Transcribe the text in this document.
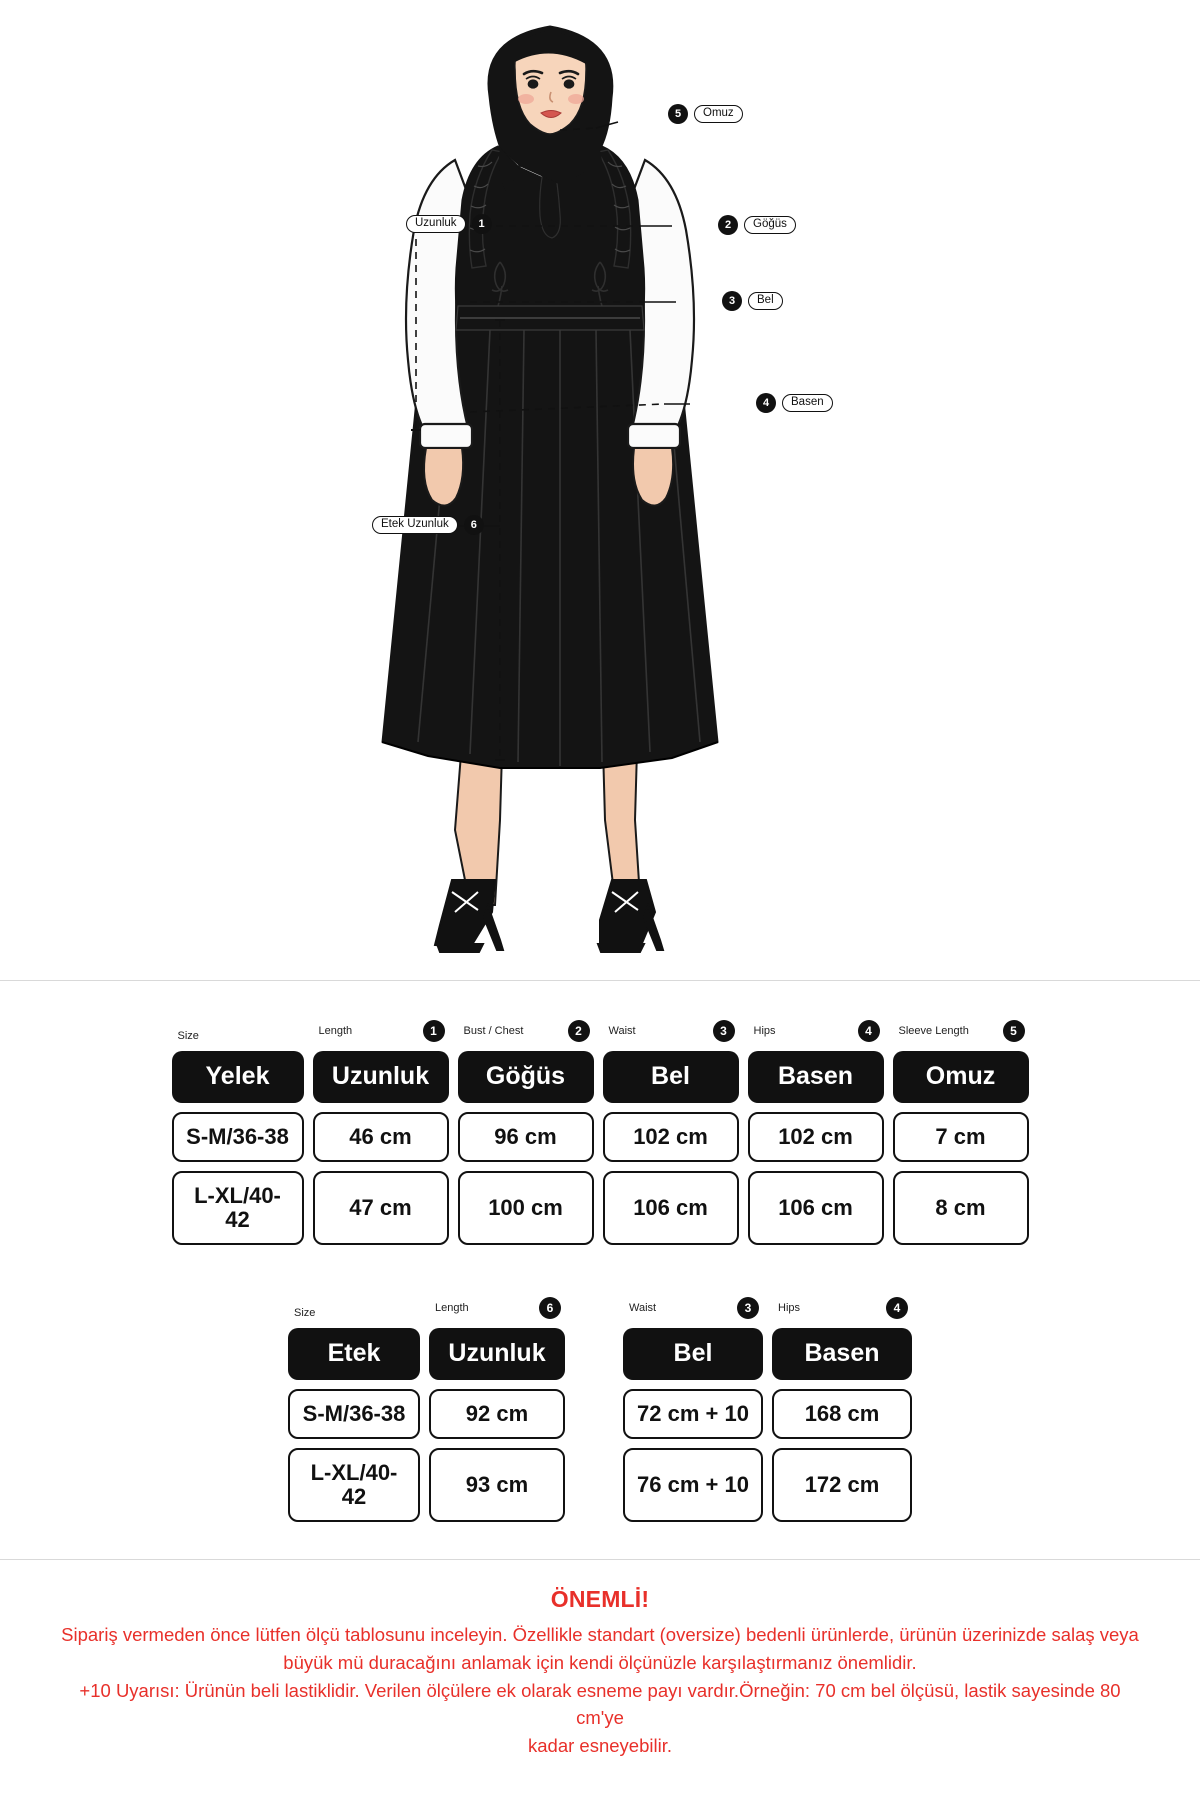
5	Omuz
2	Göğüs
3	Bel
4	Basen
Uzunluk	1
Etek Uzunluk	6
Size	Length 1	Bust / Chest 2	Waist 3	Hips 4	Sleeve Length 5

Yelek	Uzunluk	Göğüs	Bel	Basen	Omuz
S-M/36-38	46 cm	96 cm	102 cm	102 cm	7 cm
L-XL/40-42	47 cm	100 cm	106 cm	106 cm	8 cm
Size	Length 6		Waist 3	Hips 4

Etek	Uzunluk		Bel	Basen
S-M/36-38	92 cm		72 cm + 10	168 cm
L-XL/40-42	93 cm		76 cm + 10	172 cm
ÖNEMLİ!
Sipariş vermeden önce lütfen ölçü tablosunu inceleyin. Özellikle standart (oversize) bedenli ürünlerde, ürünün üzerinizde salaş veya
büyük mü duracağını anlamak için kendi ölçünüzle karşılaştırmanız önemlidir.
+10 Uyarısı: Ürünün beli lastiklidir. Verilen ölçülere ek olarak esneme payı vardır.Örneğin: 70 cm bel ölçüsü, lastik sayesinde 80 cm'ye
kadar esneyebilir.
